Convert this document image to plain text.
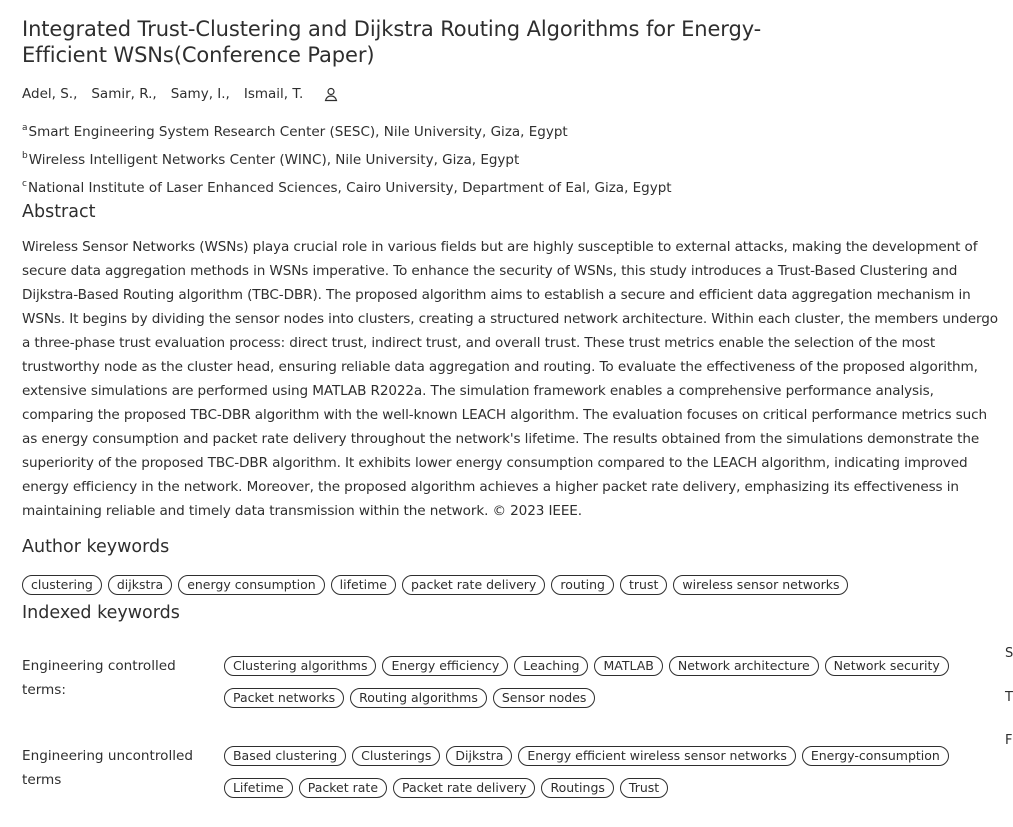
Integrated Trust-Clustering and Dijkstra Routing Algorithms for Energy-Efficient WSNs(Conference Paper)
Adel, S., Samir, R., Samy, I., Ismail, T.
$^a$Smart Engineering System Research Center (SESC), Nile University, Giza, Egypt
$^b$Wireless Intelligent Networks Center (WINC), Nile University, Giza, Egypt
$^c$National Institute of Laser Enhanced Sciences, Cairo University, Department of Eal, Giza, Egypt
Abstract
Wireless Sensor Networks (WSNs) playa crucial role in various fields but are highly susceptible to external attacks, making the development of secure data aggregation methods in WSNs imperative. To enhance the security of WSNs, this study introduces a Trust-Based Clustering and Dijkstra-Based Routing algorithm (TBC-DBR). The proposed algorithm aims to establish a secure and efficient data aggregation mechanism in WSNs. It begins by dividing the sensor nodes into clusters, creating a structured network architecture. Within each cluster, the members undergo a three-phase trust evaluation process: direct trust, indirect trust, and overall trust. These trust metrics enable the selection of the most trustworthy node as the cluster head, ensuring reliable data aggregation and routing. To evaluate the effectiveness of the proposed algorithm, extensive simulations are performed using MATLAB R2022a. The simulation framework enables a comprehensive performance analysis, comparing the proposed TBC-DBR algorithm with the well-known LEACH algorithm. The evaluation focuses on critical performance metrics such as energy consumption and packet rate delivery throughout the network's lifetime. The results obtained from the simulations demonstrate the superiority of the proposed TBC-DBR algorithm. It exhibits lower energy consumption compared to the LEACH algorithm, indicating improved energy efficiency in the network. Moreover, the proposed algorithm achieves a higher packet rate delivery, emphasizing its effectiveness in maintaining reliable and timely data transmission within the network. © 2023 IEEE.
Author keywords
clustering	dijkstra	energy consumption	lifetime	packet rate delivery	routing	trust	wireless sensor networks
Indexed keywords
Engineering controlled terms:
Clustering algorithms	Energy efficiency	Leaching	MATLAB	Network architecture	Network security
Packet networks	Routing algorithms	Sensor nodes
Engineering uncontrolled terms
Based clustering	Clusterings	Dijkstra	Energy efficient wireless sensor networks	Energy-consumption
Lifetime	Packet rate	Packet rate delivery	Routings	Trust
S
T
F
